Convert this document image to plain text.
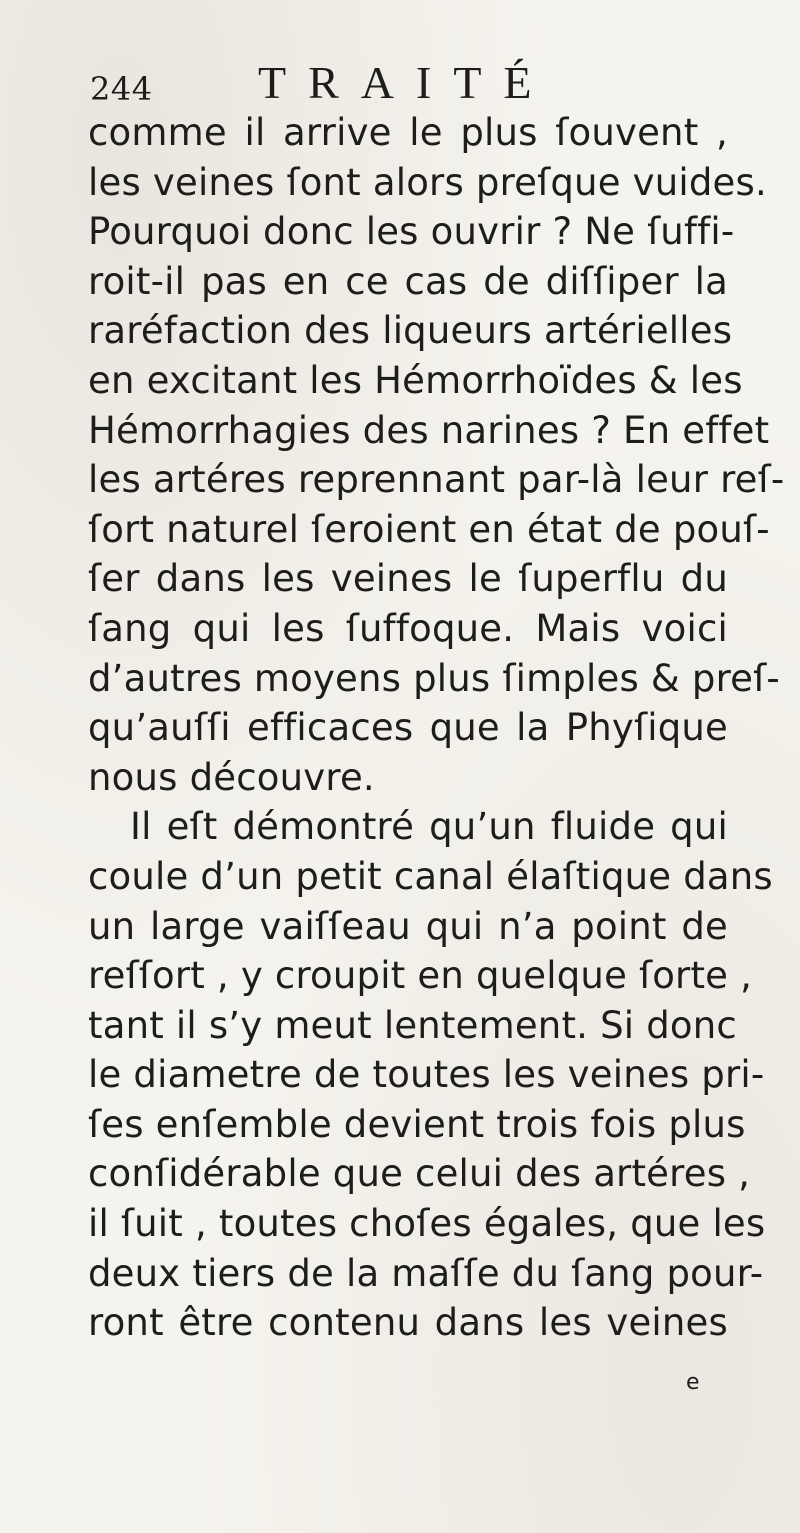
244 TRAITÉ
comme il arrive le plus ſouvent ,
les veines ſont alors preſque vuides.
Pourquoi donc les ouvrir ? Ne ſuffi-
roit-il pas en ce cas de diſſiper la
raréfaction des liqueurs artérielles
en excitant les Hémorrhoïdes & les
Hémorrhagies des narines ? En effet
les artéres reprennant par-là leur reſ-
ſort naturel ſeroient en état de pouſ-
ſer dans les veines le ſuperflu du
ſang qui les ſuffoque. Mais voici
d’autres moyens plus ſimples & preſ-
qu’auſſi efficaces que la Phyſique
nous découvre.
Il eſt démontré qu’un fluide qui
coule d’un petit canal élaſtique dans
un large vaiſſeau qui n’a point de
reſſort , y croupit en quelque ſorte ,
tant il s’y meut lentement. Si donc
le diametre de toutes les veines pri-
ſes enſemble devient trois fois plus
conſidérable que celui des artéres ,
il ſuit , toutes choſes égales, que les
deux tiers de la maſſe du ſang pour-
ront être contenu dans les veines
e
